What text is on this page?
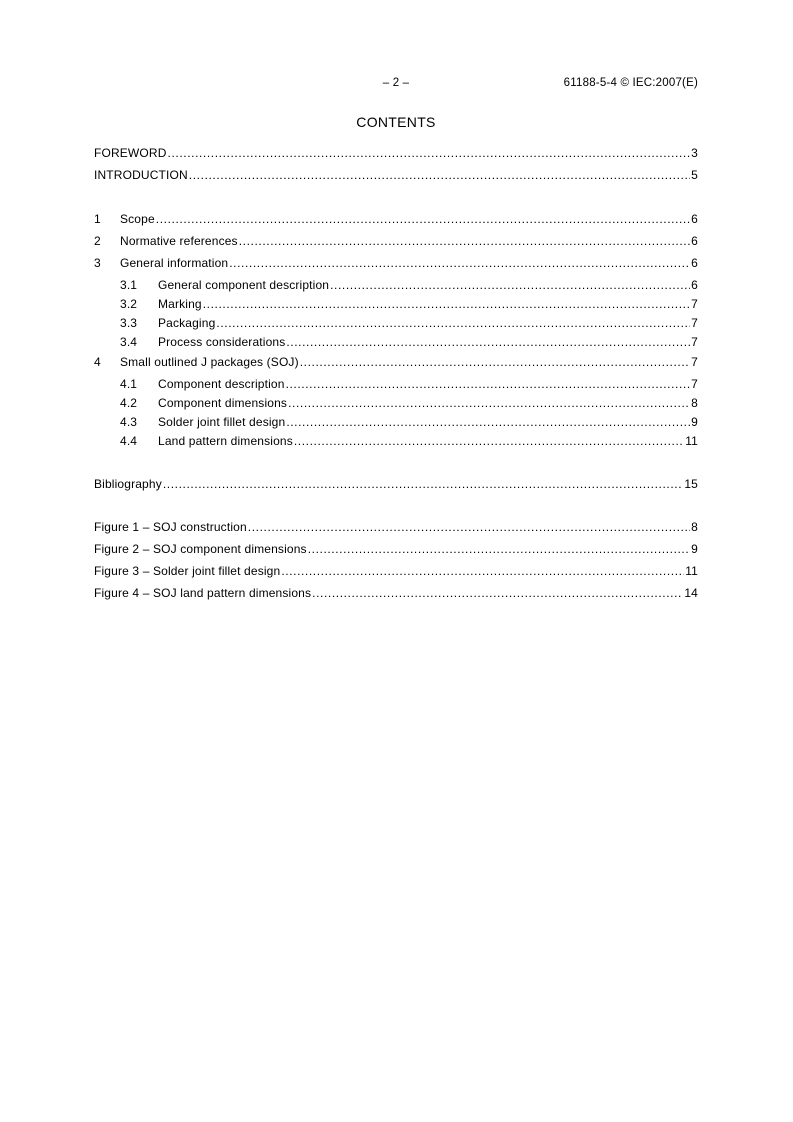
– 2 –	61188-5-4 © IEC:2007(E)
CONTENTS
FOREWORD .....	3
INTRODUCTION .....	5
1	Scope .....	6
2	Normative references .....	6
3	General information .....	6
3.1	General component description .....	6
3.2	Marking .....	7
3.3	Packaging .....	7
3.4	Process considerations .....	7
4	Small outlined J packages (SOJ) .....	7
4.1	Component description .....	7
4.2	Component dimensions .....	8
4.3	Solder joint fillet design .....	9
4.4	Land pattern dimensions .....	11
Bibliography .....	15
Figure 1 – SOJ construction .....	8
Figure 2 – SOJ component dimensions .....	9
Figure 3 – Solder joint fillet design .....	11
Figure 4 – SOJ land pattern dimensions .....	14
